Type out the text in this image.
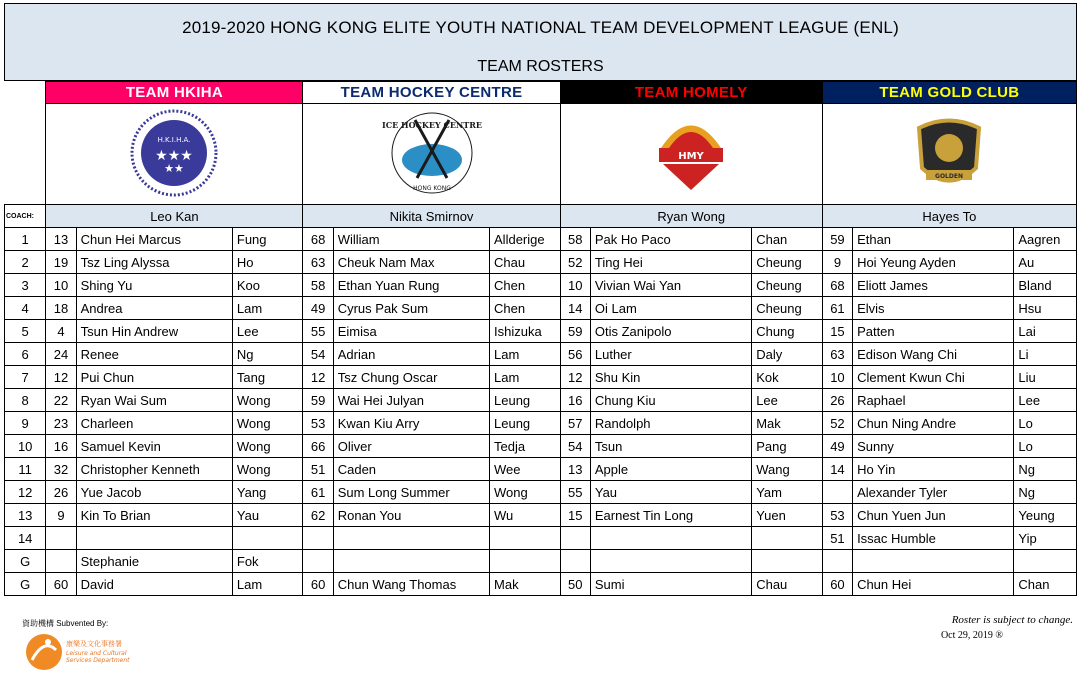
2019-2020 HONG KONG ELITE YOUTH NATIONAL TEAM DEVELOPMENT LEAGUE (ENL)
TEAM ROSTERS
	TEAM HKIHA			TEAM HOCKEY CENTRE			TEAM HOMELY			TEAM GOLD CLUB		

H.K.I.H.A.
★★★
★★			ICE HOCKEY CENTRE
HONG KONG			HMY			GOLDEN		

COACH:	Leo Kan			Nikita Smirnov			Ryan Wong			Hayes To		
1	13	Chun Hei Marcus	Fung	68	William	Allderige	58	Pak Ho Paco	Chan	59	Ethan	Aagren
2	19	Tsz Ling Alyssa	Ho	63	Cheuk Nam Max	Chau	52	Ting Hei	Cheung	9	Hoi Yeung Ayden	Au
3	10	Shing Yu	Koo	58	Ethan Yuan Rung	Chen	10	Vivian Wai Yan	Cheung	68	Eliott James	Bland
4	18	Andrea	Lam	49	Cyrus Pak Sum	Chen	14	Oi Lam	Cheung	61	Elvis	Hsu
5	4	Tsun Hin Andrew	Lee	55	Eimisa	Ishizuka	59	Otis Zanipolo	Chung	15	Patten	Lai
6	24	Renee	Ng	54	Adrian	Lam	56	Luther	Daly	63	Edison Wang Chi	Li
7	12	Pui Chun	Tang	12	Tsz Chung Oscar	Lam	12	Shu Kin	Kok	10	Clement Kwun Chi	Liu
8	22	Ryan Wai Sum	Wong	59	Wai Hei Julyan	Leung	16	Chung Kiu	Lee	26	Raphael	Lee
9	23	Charleen	Wong	53	Kwan Kiu Arry	Leung	57	Randolph	Mak	52	Chun Ning Andre	Lo
10	16	Samuel Kevin	Wong	66	Oliver	Tedja	54	Tsun	Pang	49	Sunny	Lo
11	32	Christopher Kenneth	Wong	51	Caden	Wee	13	Apple	Wang	14	Ho Yin	Ng
12	26	Yue Jacob	Yang	61	Sum Long Summer	Wong	55	Yau	Yam		Alexander Tyler	Ng
13	9	Kin To Brian	Yau	62	Ronan You	Wu	15	Earnest Tin Long	Yuen	53	Chun Yuen Jun	Yeung
14										51	Issac Humble	Yip
G		Stephanie	Fok									
G	60	David	Lam	60	Chun Wang Thomas	Mak	50	Sumi	Chau	60	Chun Hei	Chan
資助機構 Subvented By:
康樂及文化事務署
Leisure and Cultural
Services Department
Roster is subject to change.
Oct 29, 2019 ®
